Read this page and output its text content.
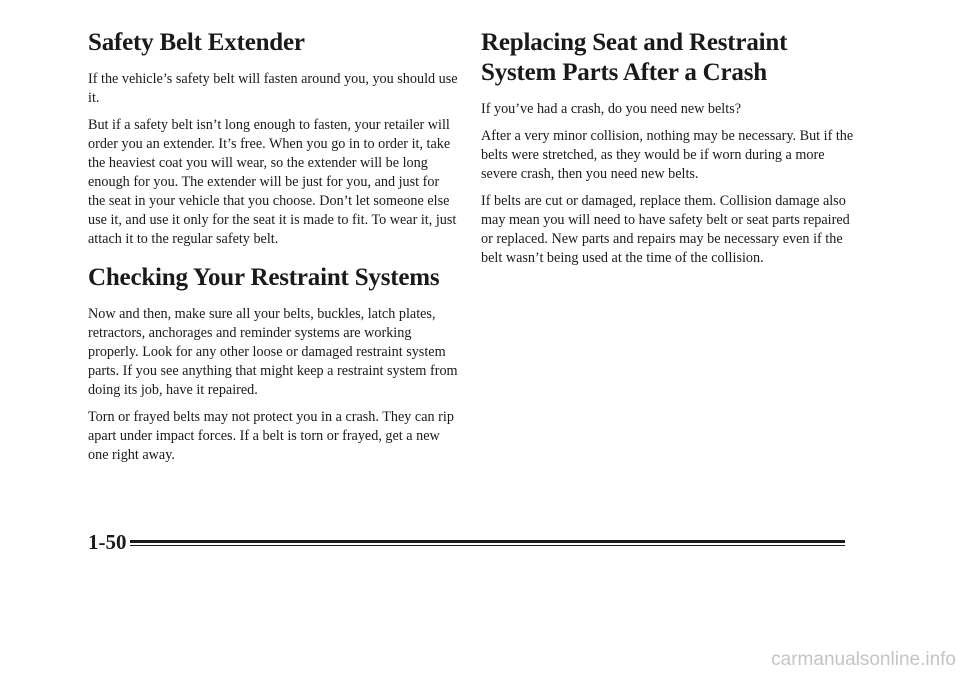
Safety Belt Extender

If the vehicle’s safety belt will fasten around you, you should use it.

But if a safety belt isn’t long enough to fasten, your retailer will order you an extender. It’s free. When you go in to order it, take the heaviest coat you will wear, so the extender will be long enough for you. The extender will be just for you, and just for the seat in your vehicle that you choose. Don’t let someone else use it, and use it only for the seat it is made to fit. To wear it, just attach it to the regular safety belt.

Checking Your Restraint Systems

Now and then, make sure all your belts, buckles, latch plates, retractors, anchorages and reminder systems are working properly. Look for any other loose or damaged restraint system parts. If you see anything that might keep a restraint system from doing its job, have it repaired.

Torn or frayed belts may not protect you in a crash. They can rip apart under impact forces. If a belt is torn or frayed, get a new one right away.

Replacing Seat and Restraint System Parts After a Crash

If you’ve had a crash, do you need new belts?

After a very minor collision, nothing may be necessary. But if the belts were stretched, as they would be if worn during a more severe crash, then you need new belts.

If belts are cut or damaged, replace them. Collision damage also may mean you will need to have safety belt or seat parts repaired or replaced. New parts and repairs may be necessary even if the belt wasn’t being used at the time of the collision.

1-50
carmanualsonline.info
